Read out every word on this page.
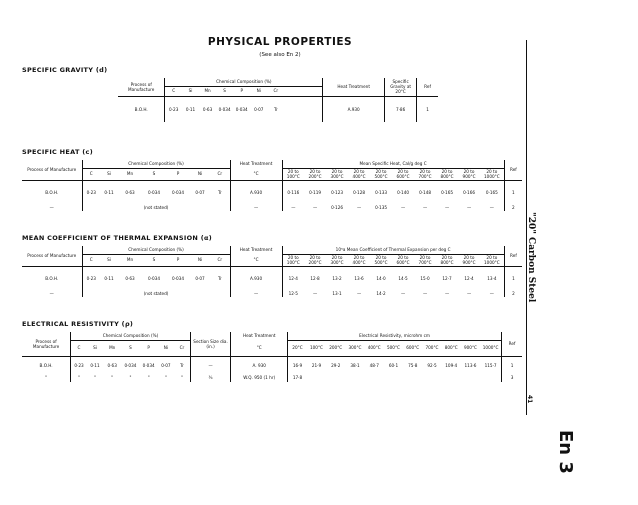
PHYSICAL PROPERTIES
(See also En 2)
SPECIFIC GRAVITY (d)
Process of Manufacture	Chemical Composition (%)								Heat Treatment	Specific Gravity at 20°C	Ref
	C	Si	Mn	S	P	Ni	Cr				
B.O.H.	0·23	0·11	0·63	0·034	0·034	0·07	Tr		A.930	7·86	1
SPECIFIC HEAT (c)
Process of Manufacture	Chemical Composition (%)							Heat Treatment	Mean Specific Heat, Cal/g deg C										Ref
	C	Si	Mn	S	P	Ni	Cr	°C	20 to	20 to	20 to	20 to	20 to	20 to	20 to	20 to	20 to	20 to	
									100°C	200°C	300°C	400°C	500°C	600°C	700°C	800°C	900°C	1000°C	
B.O.H.	0·23	0·11	0·63	0·034	0·034	0·07	Tr	A.930	0·116	0·119	0·123	0·128	0·133	0·140	0·148	0·165	0·166	0·165	1
—	(not stated)							—	—	—	0·126	—	0·135	—	—	—	—	—	2
MEAN COEFFICIENT OF THERMAL EXPANSION (α)
Process of Manufacture	Chemical Composition (%)							Heat Treatment	10⁶α Mean Coefficient of Thermal Expansion per deg C										Ref
	C	Si	Mn	S	P	Ni	Cr	°C	20 to	20 to	20 to	20 to	20 to	20 to	20 to	20 to	20 to	20 to	
									100°C	200°C	300°C	400°C	500°C	600°C	700°C	800°C	900°C	1000°C	
B.O.H.	0·23	0·11	0·63	0·034	0·034	0·07	Tr	A.930	12·4	12·8	13·2	13·6	14·0	14·5	15·0	12·7	12·4	13·4	1
—	(not stated)							—	12·5	—	13·1	—	14·2	—	—	—	—	—	2
ELECTRICAL RESISTIVITY (ρ)
Process of Manufacture	Chemical Composition (%)							Section Size dia. (in.)	Heat Treatment	Electrical Resistivity, microhm cm											Ref
	C	Si	Mn	S	P	Ni	Cr		°C	20°C	100°C	200°C	300°C	400°C	500°C	600°C	700°C	800°C	900°C	1000°C	
B.O.H.	0·23	0·11	0·63	0·034	0·034	0·07	Tr	—	A. 930	16·9	21·9	29·2	38·1	48·7	60·1	75·8	92·5	109·4	113·6	115·7	1
"	"	"	"	"	"	"	"	¾	W.Q. 950 (1 hr)	17·8											3
"20" Carbon Steel
41
En 3
